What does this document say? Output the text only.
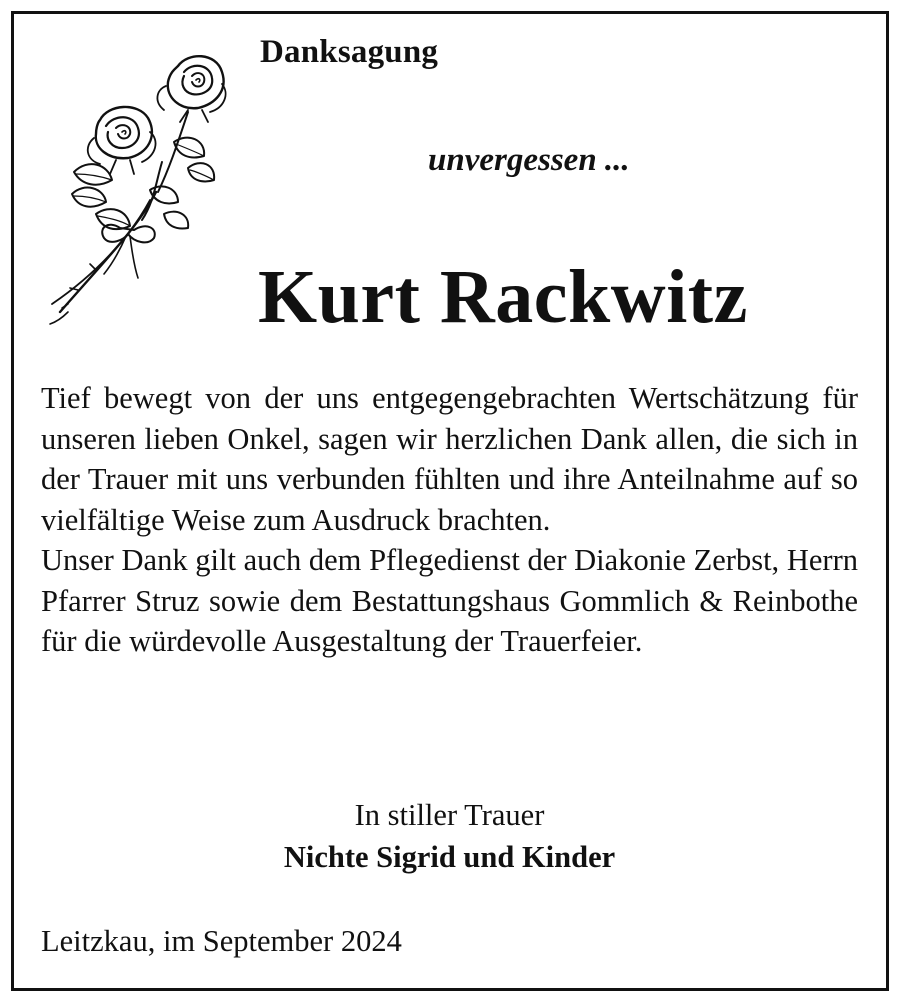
Danksagung
unvergessen ...
Kurt Rackwitz

Tief bewegt von der uns entgegengebrachten Wertschätzung für unseren lieben Onkel, sagen wir herzlichen Dank allen, die sich in der Trauer mit uns verbunden fühlten und ihre Anteilnahme auf so vielfältige Weise zum Ausdruck brachten.

Unser Dank gilt auch dem Pflegedienst der Diakonie Zerbst, Herrn Pfarrer Struz sowie dem Bestattungshaus Gommlich & Reinbothe für die würdevolle Ausgestaltung der Trauerfeier.

In stiller Trauer
Nichte Sigrid und Kinder
Leitzkau, im September 2024
